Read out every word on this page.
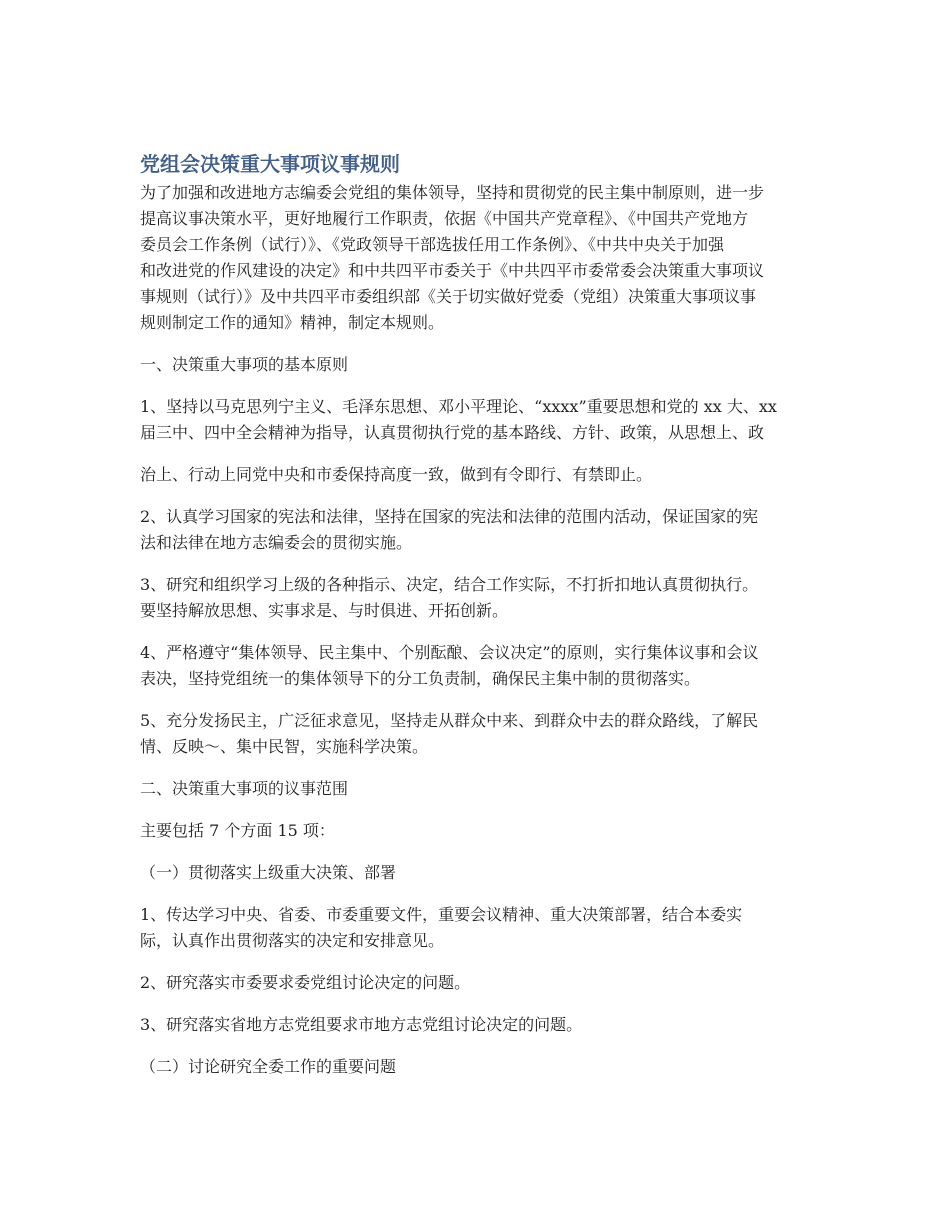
党组会决策重大事项议事规则

为了加强和改进地方志编委会党组的集体领导，坚持和贯彻党的民主集中制原则，进一步
提高议事决策水平，更好地履行工作职责，依据《中国共产党章程》、《中国共产党地方
委员会工作条例（试行）》、《党政领导干部选拔任用工作条例》、《中共中央关于加强
和改进党的作风建设的决定》和中共四平市委关于《中共四平市委常委会决策重大事项议
事规则（试行）》及中共四平市委组织部《关于切实做好党委（党组）决策重大事项议事
规则制定工作的通知》精神，制定本规则。

一、决策重大事项的基本原则

1、坚持以马克思列宁主义、毛泽东思想、邓小平理论、“xxxx”重要思想和党的 xx 大、xx
届三中、四中全会精神为指导，认真贯彻执行党的基本路线、方针、政策，从思想上、政

治上、行动上同党中央和市委保持高度一致，做到有令即行、有禁即止。

2、认真学习国家的宪法和法律，坚持在国家的宪法和法律的范围内活动，保证国家的宪
法和法律在地方志编委会的贯彻实施。

3、研究和组织学习上级的各种指示、决定，结合工作实际，不打折扣地认真贯彻执行。
要坚持解放思想、实事求是、与时俱进、开拓创新。

4、严格遵守“集体领导、民主集中、个别酝酿、会议决定”的原则，实行集体议事和会议
表决，坚持党组统一的集体领导下的分工负责制，确保民主集中制的贯彻落实。

5、充分发扬民主，广泛征求意见，坚持走从群众中来、到群众中去的群众路线，了解民
情、反映～、集中民智，实施科学决策。

二、决策重大事项的议事范围

主要包括 7 个方面 15 项：

（一）贯彻落实上级重大决策、部署

1、传达学习中央、省委、市委重要文件，重要会议精神、重大决策部署，结合本委实
际，认真作出贯彻落实的决定和安排意见。

2、研究落实市委要求委党组讨论决定的问题。

3、研究落实省地方志党组要求市地方志党组讨论决定的问题。

（二）讨论研究全委工作的重要问题
